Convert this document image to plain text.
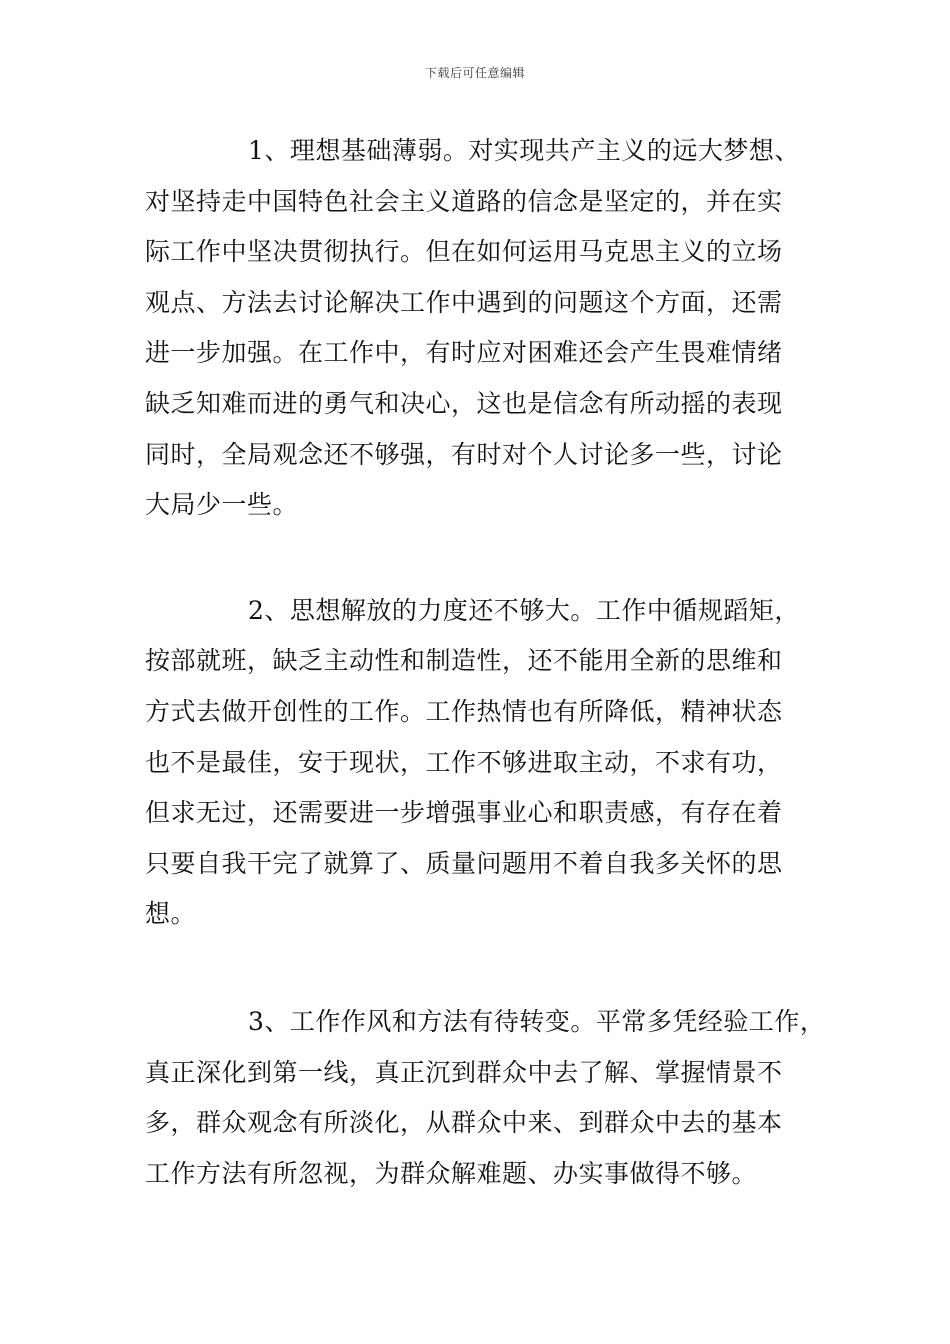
下载后可任意编辑
1、理想基础薄弱。对实现共产主义的远大梦想、
对坚持走中国特色社会主义道路的信念是坚定的，并在实
际工作中坚决贯彻执行。但在如何运用马克思主义的立场
观点、方法去讨论解决工作中遇到的问题这个方面，还需
进一步加强。在工作中，有时应对困难还会产生畏难情绪
缺乏知难而进的勇气和决心，这也是信念有所动摇的表现
同时，全局观念还不够强，有时对个人讨论多一些，讨论
大局少一些。
2、思想解放的力度还不够大。工作中循规蹈矩，
按部就班，缺乏主动性和制造性，还不能用全新的思维和
方式去做开创性的工作。工作热情也有所降低，精神状态
也不是最佳，安于现状，工作不够进取主动，不求有功，
但求无过，还需要进一步增强事业心和职责感，有存在着
只要自我干完了就算了、质量问题用不着自我多关怀的思
想。
3、工作作风和方法有待转变。平常多凭经验工作，
真正深化到第一线，真正沉到群众中去了解、掌握情景不
多，群众观念有所淡化，从群众中来、到群众中去的基本
工作方法有所忽视，为群众解难题、办实事做得不够。
